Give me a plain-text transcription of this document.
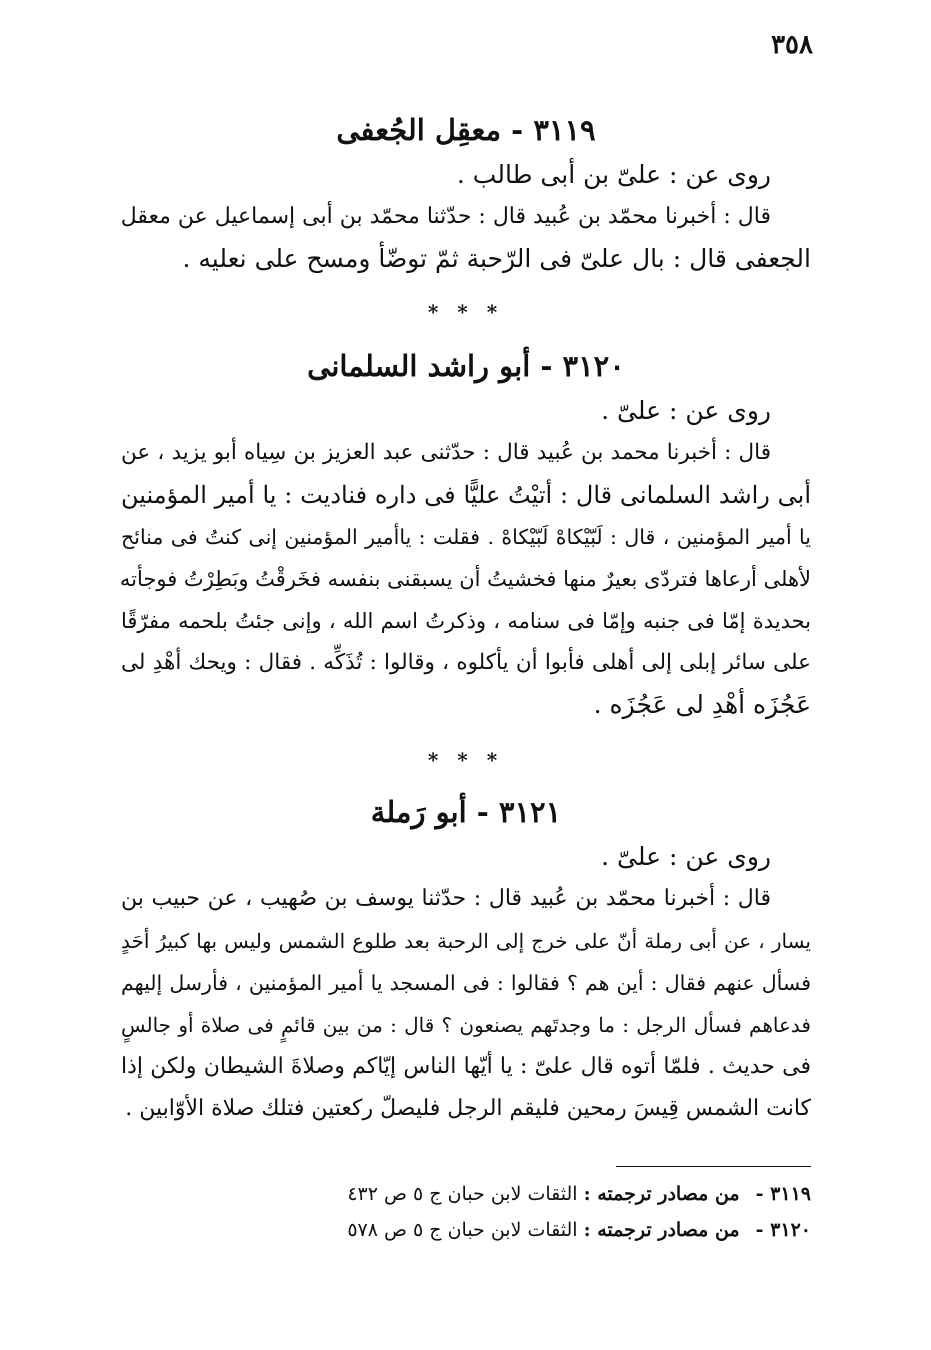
٣٥٨
٣١١٩ - معقِل الجُعفى

روى عن : علىّ بن أبى طالب .

قال : أخبرنا محمّد بن عُبيد قال : حدّثنا محمّد بن أبى إسماعيل عن معقل

الجعفى قال : بال علىّ فى الرّحبة ثمّ توضّأ ومسح على نعليه .

* * *
٣١٢٠ - أبو راشد السلمانى

روى عن : علىّ .

قال : أخبرنا محمد بن عُبيد قال : حدّثنى عبد العزيز بن سِياه أبو يزيد ، عن

أبى راشد السلمانى قال : أتيْتُ عليًّا فى داره فناديت : يا أمير المؤمنين

يا أمير المؤمنين ، قال : لَبّيْكاهْ لَبّيْكاهْ . فقلت : ياأمير المؤمنين إنى كنتُ فى منائح

لأهلى أرعاها فتردّى بعيرٌ منها فخشيتُ أن يسبقنى بنفسه فخَرقْتُ وبَطِرْتُ فوجأته

بحديدة إمّا فى جنبه وإمّا فى سنامه ، وذكرتُ اسم الله ، وإنى جئتُ بلحمه مفرّقًا

على سائر إبلى إلى أهلى فأبوا أن يأكلوه ، وقالوا : تُذَكِّه . فقال : ويحك أهْدِ لى

عَجُزَه أهْدِ لى عَجُزَه .

* * *
٣١٢١ - أبو رَملة

روى عن : علىّ .

قال : أخبرنا محمّد بن عُبيد قال : حدّثنا يوسف بن صُهيب ، عن حبيب بن

يسار ، عن أبى رملة أنّ على خرج إلى الرحبة بعد طلوع الشمس وليس بها كبيرُ أحَدٍ

فسأل عنهم فقال : أين هم ؟ فقالوا : فى المسجد يا أمير المؤمنين ، فأرسل إليهم

فدعاهم فسأل الرجل : ما وجدتَهم يصنعون ؟ قال : من بين قائمٍ فى صلاة أو جالسٍ

فى حديث . فلمّا أتوه قال علىّ : يا أيّها الناس إيّاكم وصلاةَ الشيطان ولكن إذا

كانت الشمس قِيسَ رمحين فليقم الرجل فليصلّ ركعتين فتلك صلاة الأوّابين .

٣١١٩ - من مصادر ترجمته : الثقات لابن حبان ج ٥ ص ٤٣٢

٣١٢٠ - من مصادر ترجمته : الثقات لابن حبان ج ٥ ص ٥٧٨
